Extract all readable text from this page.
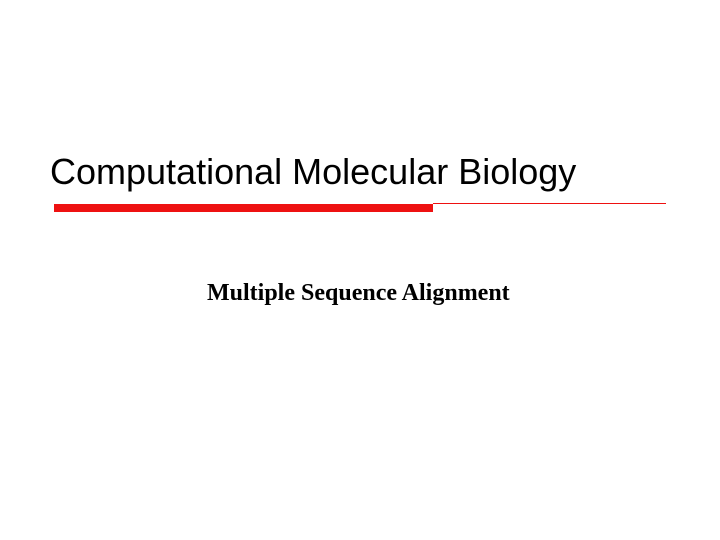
Computational Molecular Biology
Multiple Sequence Alignment
